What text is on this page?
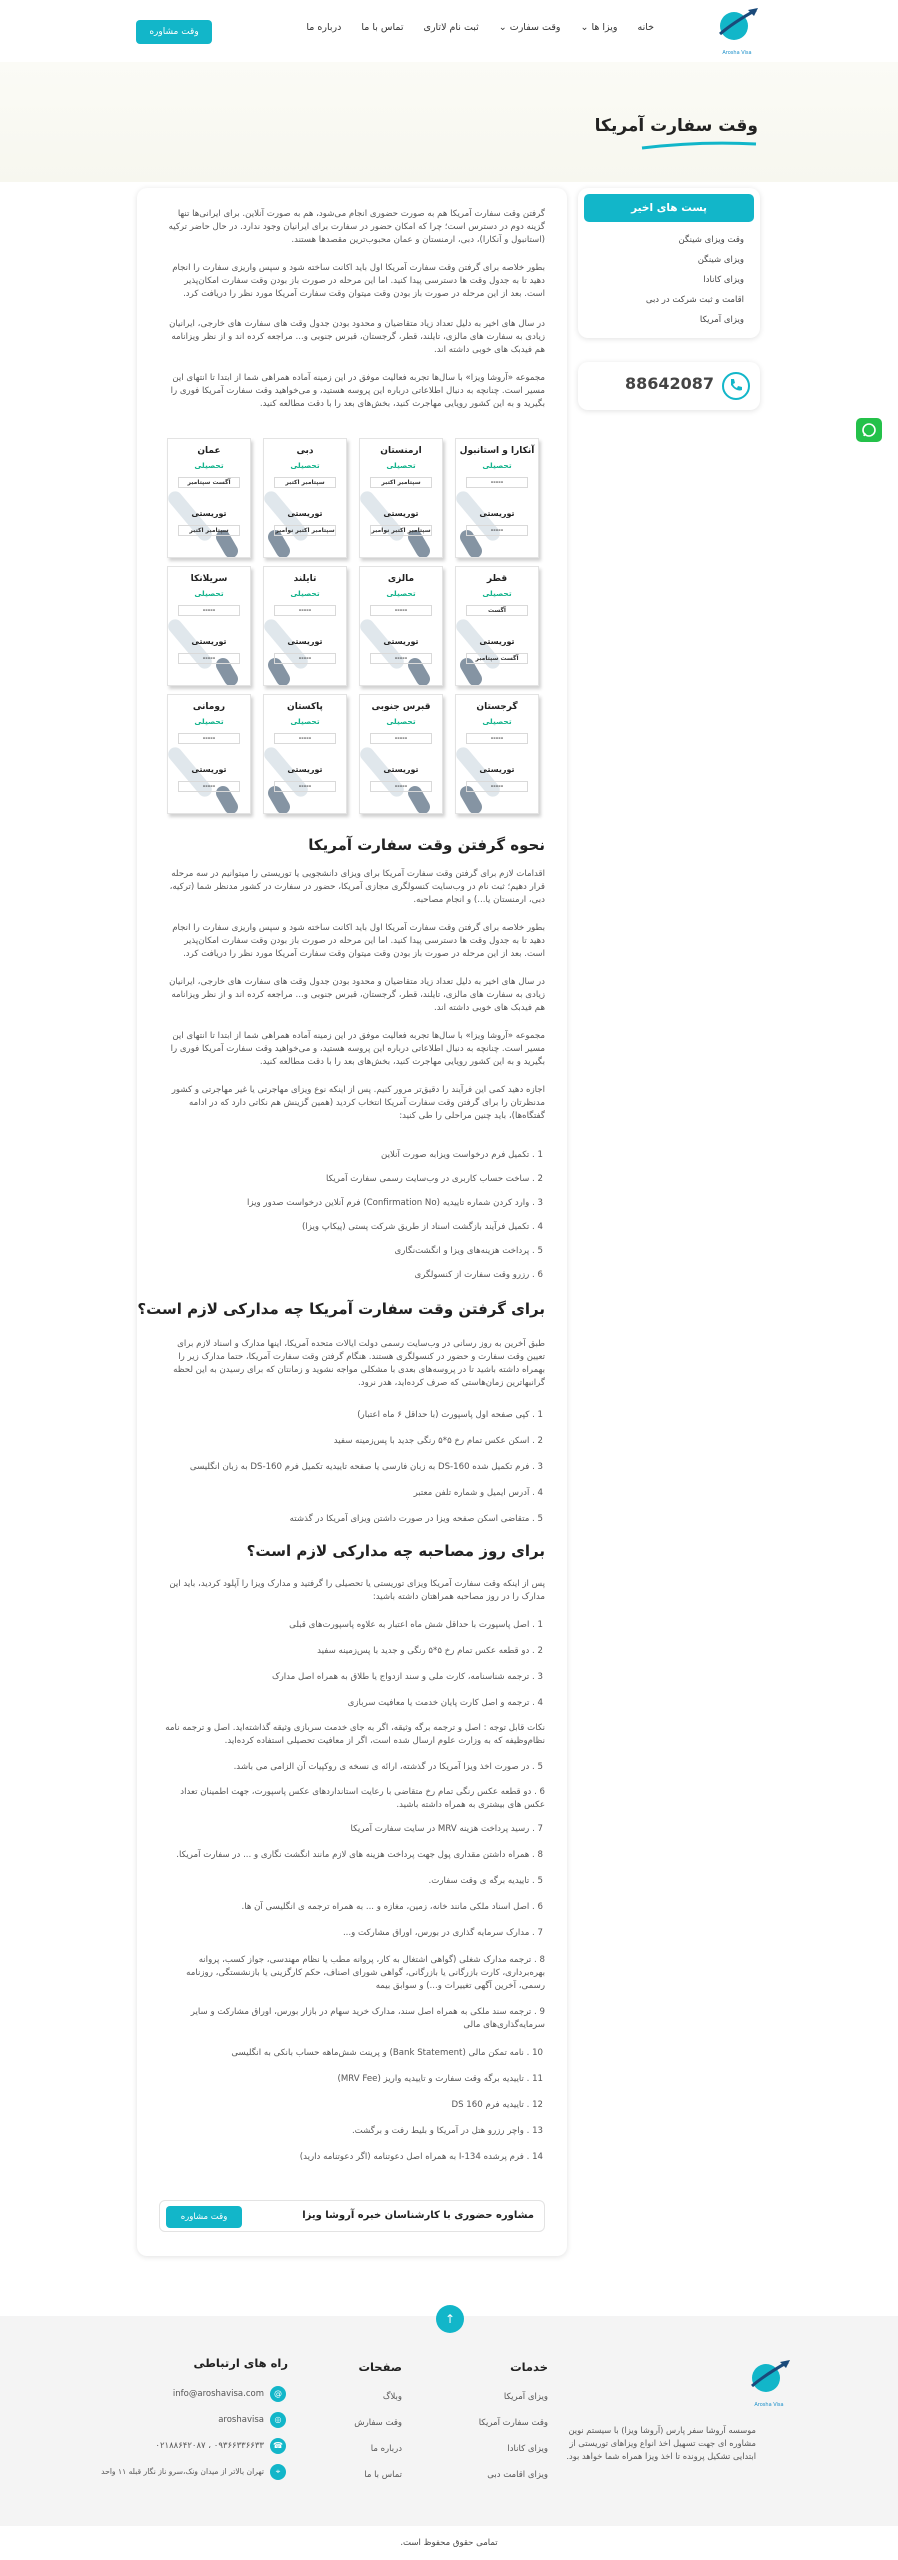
Arosha Visa
خانه
ویزا ها ⌄
وقت سفارت ⌄
ثبت نام لاتاری
تماس با ما
درباره ما
وقت مشاوره
وقت سفارت آمریکا
پست های اخیر
وقت ویزای شینگن
ویزای شینگن
ویزای کانادا
اقامت و ثبت شرکت در دبی
ویزای آمریکا
88642087
گرفتن وقت سفارت آمریکا هم به صورت حضوری انجام می‌شود، هم به صورت آنلاین. برای ایرانی‌ها تنها گزینه دوم در دسترس است؛ چرا که امکان حضور در سفارت برای ایرانیان وجود ندارد. در حال حاضر ترکیه (استانبول و آنکارا)، دبی، ارمنستان و عمان محبوب‌ترین مقصدها هستند.
بطور خلاصه برای گرفتن وقت سفارت آمریکا اول باید اکانت ساخته شود و سپس واریزی سفارت را انجام دهید تا به جدول وقت ها دسترسی پیدا کنید. اما این مرحله در صورت باز بودن وقت سفارت امکان‌پذیر است. بعد از این مرحله در صورت باز بودن وقت میتوان وقت سفارت آمریکا مورد نظر را دریافت کرد.
در سال های اخیر به دلیل تعداد زیاد متقاضیان و محدود بودن جدول وقت های سفارت های خارجی، ایرانیان زیادی به سفارت های مالزی، تایلند، قطر، گرجستان، قبرس جنوبی و... مراجعه کرده اند و از نظر ویزانامه هم فیدبک های خوبی داشته اند.
مجموعه «آروشا ویزا» با سال‌ها تجربه فعالیت موفق در این زمینه آماده همراهی شما از ابتدا تا انتهای این مسیر است. چنانچه به دنبال اطلاعاتی درباره این پروسه هستید، و می‌خواهید وقت سفارت آمریکا فوری را بگیرید و به این کشور رویایی مهاجرت کنید، بخش‌های بعد را با دقت مطالعه کنید.
آنکارا و استانبول
تحصیلی
-----
توریستی
-----
ارمنستان
تحصیلی
سپتامبر اکتبر
توریستی
سپتامبر اکتبر نوامبر
دبی
تحصیلی
سپتامبر اکتبر
توریستی
سپتامبر اکتبر نوامبر
عمان
تحصیلی
آگست سپتامبر
توریستی
سپتامبر اکتبر
قطر
تحصیلی
آگست
توریستی
آگست سپتامبر
مالزی
تحصیلی
-----
توریستی
-----
تایلند
تحصیلی
-----
توریستی
-----
سریلانکا
تحصیلی
-----
توریستی
-----
گرجستان
تحصیلی
-----
توریستی
-----
قبرس جنوبی
تحصیلی
-----
توریستی
-----
پاکستان
تحصیلی
-----
توریستی
-----
رومانی
تحصیلی
-----
توریستی
-----
نحوه گرفتن وقت سفارت آمریکا
اقدامات لازم برای گرفتن وقت سفارت آمریکا برای ویزای دانشجویی یا توریستی را میتوانیم در سه مرحله قرار دهیم؛ ثبت نام در وب‌سایت کنسولگری مجازی آمریکا، حضور در سفارت در کشور مدنظر شما (ترکیه، دبی، ارمنستان یا...) و انجام مصاحبه.
بطور خلاصه برای گرفتن وقت سفارت آمریکا اول باید اکانت ساخته شود و سپس واریزی سفارت را انجام دهید تا به جدول وقت ها دسترسی پیدا کنید. اما این مرحله در صورت باز بودن وقت سفارت امکان‌پذیر است. بعد از این مرحله در صورت باز بودن وقت میتوان وقت سفارت آمریکا مورد نظر را دریافت کرد.
در سال های اخیر به دلیل تعداد زیاد متقاضیان و محدود بودن جدول وقت های سفارت های خارجی، ایرانیان زیادی به سفارت های مالزی، تایلند، قطر، گرجستان، قبرس جنوبی و... مراجعه کرده اند و از نظر ویزانامه هم فیدبک های خوبی داشته اند.
مجموعه «آروشا ویزا» با سال‌ها تجربه فعالیت موفق در این زمینه آماده همراهی شما از ابتدا تا انتهای این مسیر است. چنانچه به دنبال اطلاعاتی درباره این پروسه هستید، و می‌خواهید وقت سفارت آمریکا فوری را بگیرید و به این کشور رویایی مهاجرت کنید، بخش‌های بعد را با دقت مطالعه کنید.
اجازه دهید کمی این فرآیند را دقیق‌تر مرور کنیم. پس از اینکه نوع ویزای مهاجرتی یا غیر مهاجرتی و کشور مدنظرتان را برای گرفتن وقت سفارت آمریکا انتخاب کردید (همین گزینش هم نکاتی دارد که در ادامه گفتگاه‌ها)، باید چنین مراحلی را طی کنید:
1 . تکمیل فرم درخواست ویزابه صورت آنلاین
2 . ساخت حساب کاربری در وب‌سایت رسمی سفارت آمریکا
3 . وارد کردن شماره تاییدیه (Confirmation No) فرم آنلاین درخواست صدور ویزا
4 . تکمیل فرآیند بازگشت اسناد از طریق شرکت پستی (پیکاپ ویزا)
5 . پرداخت هزینه‌های ویزا و انگشت‌نگاری
6 . رزرو وقت سفارت از کنسولگری
برای گرفتن وقت سفارت آمریکا چه مدارکی لازم است؟
طبق آخرین به روز رسانی در وب‌سایت رسمی دولت ایالات متحده آمریکا، اینها مدارک و اسناد لازم برای تعیین وقت سفارت و حضور در کنسولگری هستند. هنگام گرفتن وقت سفارت آمریکا، حتما مدارک زیر را بهمراه داشته باشید تا در پروسه‌های بعدی با مشکلی مواجه نشوید و زمانتان که برای رسیدن به این لحظه گرانبهاترین زمان‌هاستی که صرف کرده‌اید، هدر نرود.
1 . کپی صفحه اول پاسپورت (با حداقل ۶ ماه اعتبار)
2 . اسکن عکس تمام رخ ۵*۵ رنگی جدید با پس‌زمینه سفید
3 . فرم تکمیل شده DS-160 به زبان فارسی یا صفحه تاییدیه تکمیل فرم DS-160 به زبان انگلیسی
4 . آدرس ایمیل و شماره تلفن معتبر
5 . متقاضی اسکن صفحه ویزا در صورت داشتن ویزای آمریکا در گذشته
برای روز مصاحبه چه مدارکی لازم است؟
پس از اینکه وقت سفارت آمریکا ویزای توریستی یا تحصیلی را گرفتید و مدارک ویزا را آپلود کردید، باید این مدارک را در روز مصاحبه همراهتان داشته باشید:
1 . اصل پاسپورت با حداقل شش ماه اعتبار به علاوه پاسپورت‌های قبلی
2 . دو قطعه عکس تمام رخ ۵*۵ رنگی و جدید با پس‌زمینه سفید
3 . ترجمه شناسنامه، کارت ملی و سند ازدواج یا طلاق به همراه اصل مدارک
4 . ترجمه و اصل کارت پایان خدمت یا معافیت سربازی
نکات قابل توجه : اصل و ترجمه برگه وثیقه، اگر به جای خدمت سربازی وثیقه گذاشته‌اید. اصل و ترجمه نامه نظام‌وظیفه که به وزارت علوم ارسال شده است، اگر از معافیت تحصیلی استفاده کرده‌اید.
5 . در صورت اخذ ویزا آمریکا در گذشته، ارائه ی نسخه ی روکپیات آن الزامی می باشد.
6 . دو قطعه عکس رنگی تمام رخ متقاضی با رعایت استانداردهای عکس پاسپورت، جهت اطمینان تعداد عکس های بیشتری به همراه داشته باشید.
7 . رسید پرداخت هزینه MRV در سایت سفارت آمریکا
8 . همراه داشتن مقداری پول جهت پرداخت هزینه های لازم مانند انگشت نگاری و ... در سفارت آمریکا.
5 . تاییدیه برگه ی وقت سفارت.
6 . اصل اسناد ملکی مانند خانه، زمین، مغازه و ... به همراه ترجمه ی انگلیسی آن ها.
7 . مدارک سرمایه گذاری در بورس، اوراق مشارکت و...
8 . ترجمه مدارک شغلی (گواهی اشتغال به کار، پروانه مطب یا نظام مهندسی، جواز کسب، پروانه بهره‌برداری، کارت بازرگانی یا بازرگانی، گواهی شورای اصناف، حکم کارگزینی یا بازنشستگی، روزنامه رسمی، آخرین آگهی تغییرات و...) و سوابق بیمه
9 . ترجمه سند ملکی به همراه اصل سند، مدارک خرید سهام در بازار بورس، اوراق مشارکت و سایر سرمایه‌گذاری‌های مالی
10 . نامه تمکن مالی (Bank Statement) و پرینت شش‌ماهه حساب بانکی به انگلیسی
11 . تاییدیه برگه وقت سفارت و تاییدیه واریز (MRV Fee)
12 . تاییدیه فرم DS 160
13 . واچر رزرو هتل در آمریکا و بلیط رفت و برگشت.
14 . فرم پرشده I-134 به همراه اصل دعوتنامه (اگر دعوتنامه دارید)
مشاوره حضوری با کارشناسان خبره آروشا ویزا
وقت مشاوره
↑
Arosha Visa
موسسه آروشا سفر پارس (آروشا ویزا) با سیستم نوین مشاوره ای جهت تسهیل اخذ انواع ویزاهای توریستی از ابتدایی تشکیل پرونده تا اخذ ویزا همراه شما خواهد بود.
خدمات
ویزای آمریکا
وقت سفارت آمریکا
ویزای کانادا
ویزای اقامت دبی
صفحات
وبلاگ
وقت سفارش
درباره ما
تماس با ما
راه های ارتباطی
@
info@aroshavisa.com
◎
aroshavisa
☎
۰۹۳۶۶۳۳۶۶۳۳ ، ۰۲۱۸۸۶۴۲۰۸۷
⌖
تهران بالاتر از میدان ونک،سرو ناز نگار قبله ۱۱ واحد
تمامی حقوق محفوظ است.
